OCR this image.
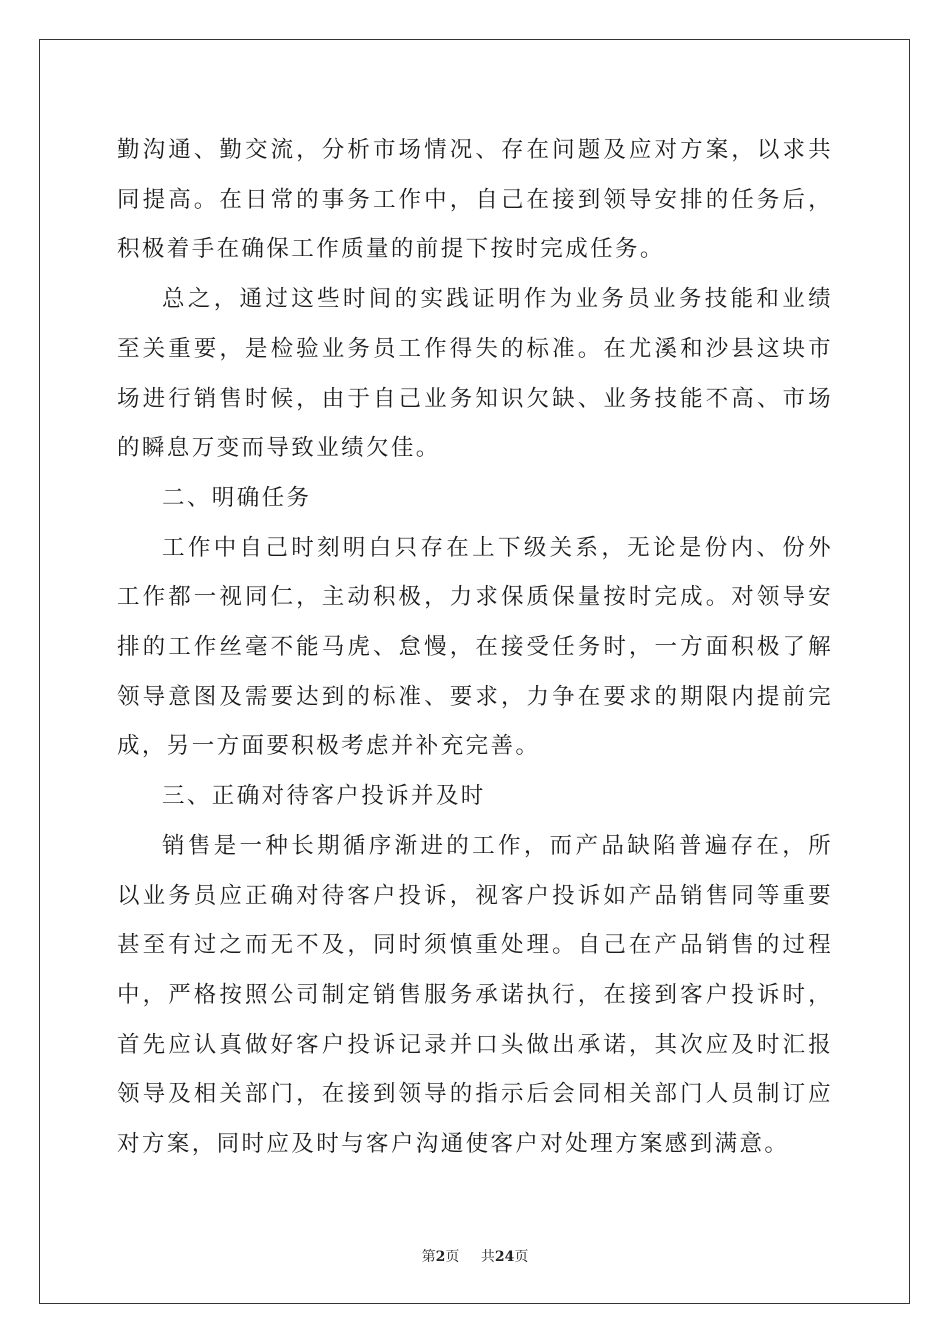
勤沟通、勤交流，分析市场情况、存在问题及应对方案，以求共同提高。在日常的事务工作中，自己在接到领导安排的任务后，积极着手在确保工作质量的前提下按时完成任务。

总之，通过这些时间的实践证明作为业务员业务技能和业绩至关重要，是检验业务员工作得失的标准。在尤溪和沙县这块市场进行销售时候，由于自己业务知识欠缺、业务技能不高、市场的瞬息万变而导致业绩欠佳。

二、明确任务

工作中自己时刻明白只存在上下级关系，无论是份内、份外工作都一视同仁，主动积极，力求保质保量按时完成。对领导安排的工作丝毫不能马虎、怠慢，在接受任务时，一方面积极了解领导意图及需要达到的标准、要求，力争在要求的期限内提前完成，另一方面要积极考虑并补充完善。

三、正确对待客户投诉并及时

销售是一种长期循序渐进的工作，而产品缺陷普遍存在，所以业务员应正确对待客户投诉，视客户投诉如产品销售同等重要甚至有过之而无不及，同时须慎重处理。自己在产品销售的过程中，严格按照公司制定销售服务承诺执行，在接到客户投诉时，首先应认真做好客户投诉记录并口头做出承诺，其次应及时汇报领导及相关部门，在接到领导的指示后会同相关部门人员制订应对方案，同时应及时与客户沟通使客户对处理方案感到满意。

第2页 共24页
